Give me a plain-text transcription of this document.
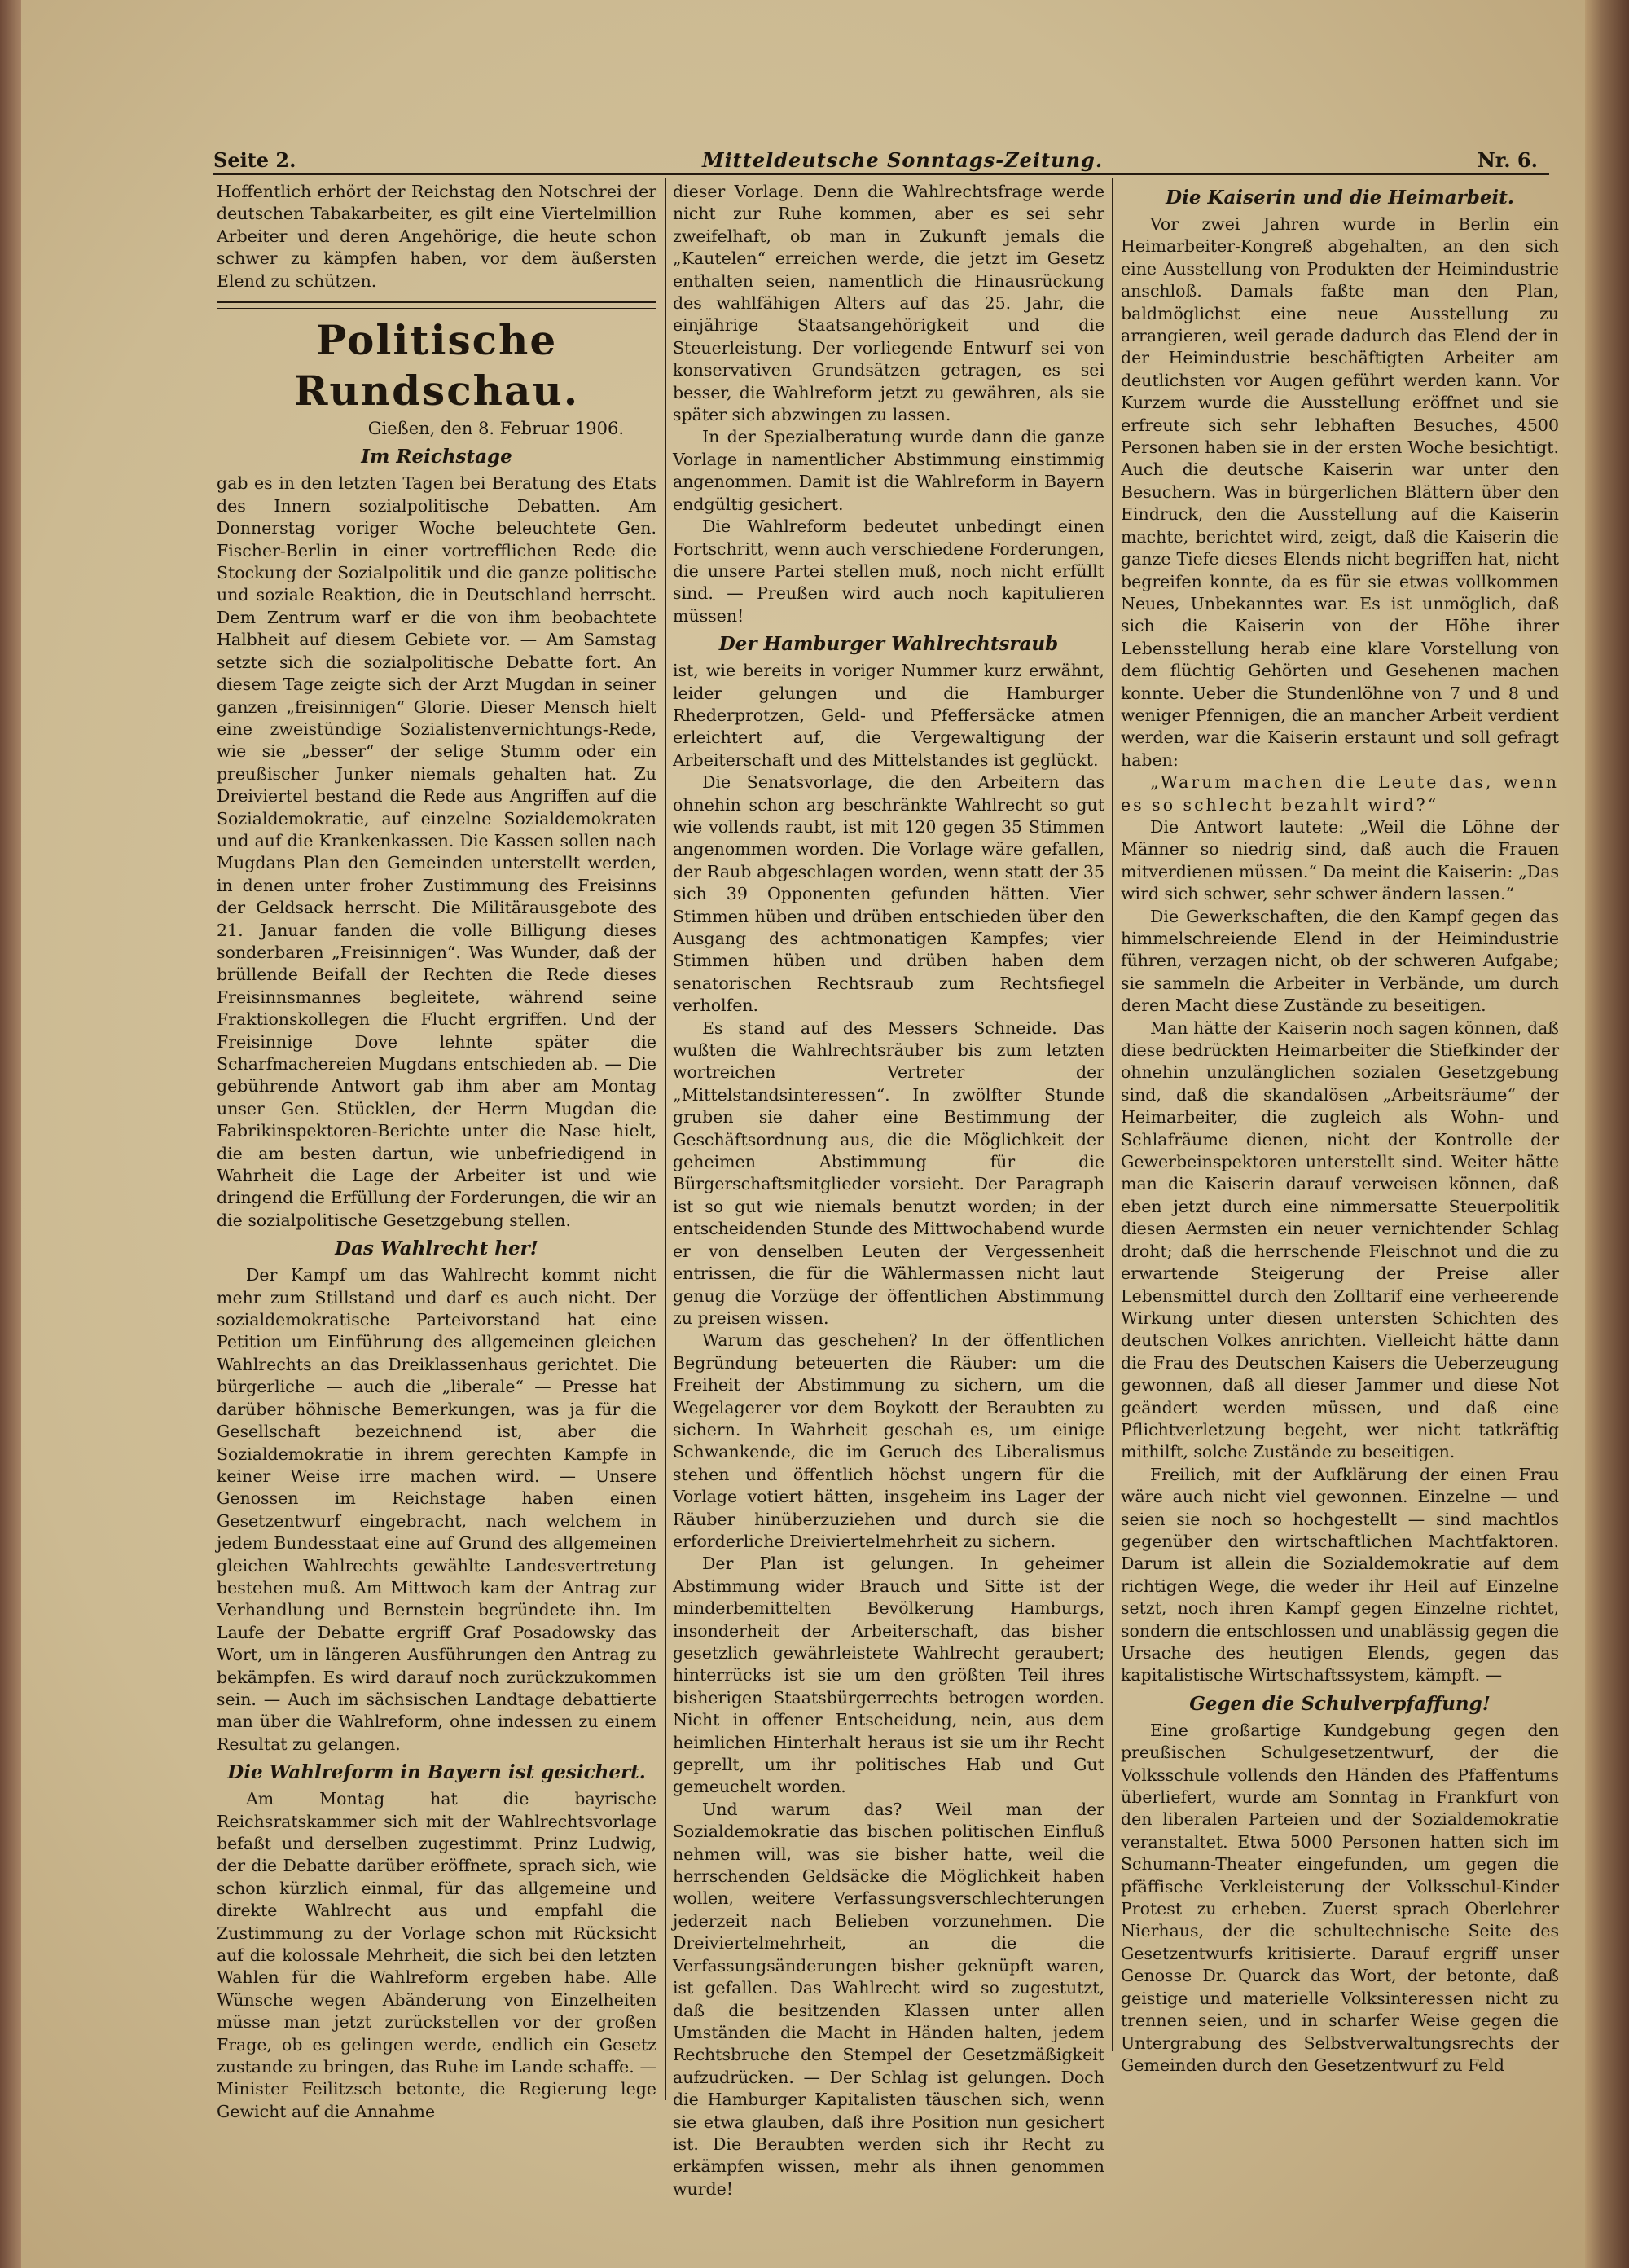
Seite 2.	Mitteldeutsche Sonntags-Zeitung.	Nr. 6.

Hoffentlich erhört der Reichstag den Notschrei der deutschen Tabakarbeiter, es gilt eine Viertelmillion Arbeiter und deren Angehörige, die heute schon schwer zu kämpfen haben, vor dem äußersten Elend zu schützen.

Politische Rundschau.
Gießen, den 8. Februar 1906.
Im Reichstage

gab es in den letzten Tagen bei Beratung des Etats des Innern sozialpolitische Debatten. Am Donnerstag voriger Woche beleuchtete Gen. Fischer-Berlin in einer vortrefflichen Rede die Stockung der Sozialpolitik und die ganze politische und soziale Reaktion, die in Deutschland herrscht. Dem Zentrum warf er die von ihm beobachtete Halbheit auf diesem Gebiete vor. — Am Samstag setzte sich die sozialpolitische Debatte fort. An diesem Tage zeigte sich der Arzt Mugdan in seiner ganzen „freisinnigen“ Glorie. Dieser Mensch hielt eine zweistündige Sozialistenvernichtungs-Rede, wie sie „besser“ der selige Stumm oder ein preußischer Junker niemals gehalten hat. Zu Dreiviertel bestand die Rede aus Angriffen auf die Sozialdemokratie, auf einzelne Sozialdemokraten und auf die Krankenkassen. Die Kassen sollen nach Mugdans Plan den Gemeinden unterstellt werden, in denen unter froher Zustimmung des Freisinns der Geldsack herrscht. Die Militärausgebote des 21. Januar fanden die volle Billigung dieses sonderbaren „Freisinnigen“. Was Wunder, daß der brüllende Beifall der Rechten die Rede dieses Freisinnsmannes begleitete, während seine Fraktionskollegen die Flucht ergriffen. Und der Freisinnige Dove lehnte später die Scharfmachereien Mugdans entschieden ab. — Die gebührende Antwort gab ihm aber am Montag unser Gen. Stücklen, der Herrn Mugdan die Fabrikinspektoren-Berichte unter die Nase hielt, die am besten dartun, wie unbefriedigend in Wahrheit die Lage der Arbeiter ist und wie dringend die Erfüllung der Forderungen, die wir an die sozialpolitische Gesetzgebung stellen.

Das Wahlrecht her!

Der Kampf um das Wahlrecht kommt nicht mehr zum Stillstand und darf es auch nicht. Der sozialdemokratische Parteivorstand hat eine Petition um Einführung des allgemeinen gleichen Wahlrechts an das Dreiklassenhaus gerichtet. Die bürgerliche — auch die „liberale“ — Presse hat darüber höhnische Bemerkungen, was ja für die Gesellschaft bezeichnend ist, aber die Sozialdemokratie in ihrem gerechten Kampfe in keiner Weise irre machen wird. — Unsere Genossen im Reichstage haben einen Gesetzentwurf eingebracht, nach welchem in jedem Bundesstaat eine auf Grund des allgemeinen gleichen Wahlrechts gewählte Landesvertretung bestehen muß. Am Mittwoch kam der Antrag zur Verhandlung und Bernstein begründete ihn. Im Laufe der Debatte ergriff Graf Posadowsky das Wort, um in längeren Ausführungen den Antrag zu bekämpfen. Es wird darauf noch zurückzukommen sein. — Auch im sächsischen Landtage debattierte man über die Wahlreform, ohne indessen zu einem Resultat zu gelangen.

Die Wahlreform in Bayern ist gesichert.

Am Montag hat die bayrische Reichsratskammer sich mit der Wahlrechtsvorlage befaßt und derselben zugestimmt. Prinz Ludwig, der die Debatte darüber eröffnete, sprach sich, wie schon kürzlich einmal, für das allgemeine und direkte Wahlrecht aus und empfahl die Zustimmung zu der Vorlage schon mit Rücksicht auf die kolossale Mehrheit, die sich bei den letzten Wahlen für die Wahlreform ergeben habe. Alle Wünsche wegen Abänderung von Einzelheiten müsse man jetzt zurückstellen vor der großen Frage, ob es gelingen werde, endlich ein Gesetz zustande zu bringen, das Ruhe im Lande schaffe. — Minister Feilitzsch betonte, die Regierung lege Gewicht auf die Annahme

dieser Vorlage. Denn die Wahlrechtsfrage werde nicht zur Ruhe kommen, aber es sei sehr zweifelhaft, ob man in Zukunft jemals die „Kautelen“ erreichen werde, die jetzt im Gesetz enthalten seien, namentlich die Hinausrückung des wahlfähigen Alters auf das 25. Jahr, die einjährige Staatsangehörigkeit und die Steuerleistung. Der vorliegende Entwurf sei von konservativen Grundsätzen getragen, es sei besser, die Wahlreform jetzt zu gewähren, als sie später sich abzwingen zu lassen.

In der Spezialberatung wurde dann die ganze Vorlage in namentlicher Abstimmung einstimmig angenommen. Damit ist die Wahlreform in Bayern endgültig gesichert.

Die Wahlreform bedeutet unbedingt einen Fortschritt, wenn auch verschiedene Forderungen, die unsere Partei stellen muß, noch nicht erfüllt sind. — Preußen wird auch noch kapitulieren müssen!

Der Hamburger Wahlrechtsraub

ist, wie bereits in voriger Nummer kurz erwähnt, leider gelungen und die Hamburger Rhederprotzen, Geld- und Pfeffersäcke atmen erleichtert auf, die Vergewaltigung der Arbeiterschaft und des Mittelstandes ist geglückt.

Die Senatsvorlage, die den Arbeitern das ohnehin schon arg beschränkte Wahlrecht so gut wie vollends raubt, ist mit 120 gegen 35 Stimmen angenommen worden. Die Vorlage wäre gefallen, der Raub abgeschlagen worden, wenn statt der 35 sich 39 Opponenten gefunden hätten. Vier Stimmen hüben und drüben entschieden über den Ausgang des achtmonatigen Kampfes; vier Stimmen hüben und drüben haben dem senatorischen Rechtsraub zum Rechtsfiegel verholfen.

Es stand auf des Messers Schneide. Das wußten die Wahlrechtsräuber bis zum letzten wortreichen Vertreter der „Mittelstandsinteressen“. In zwölfter Stunde gruben sie daher eine Bestimmung der Geschäftsordnung aus, die die Möglichkeit der geheimen Abstimmung für die Bürgerschaftsmitglieder vorsieht. Der Paragraph ist so gut wie niemals benutzt worden; in der entscheidenden Stunde des Mittwochabend wurde er von denselben Leuten der Vergessenheit entrissen, die für die Wählermassen nicht laut genug die Vorzüge der öffentlichen Abstimmung zu preisen wissen.

Warum das geschehen? In der öffentlichen Begründung beteuerten die Räuber: um die Freiheit der Abstimmung zu sichern, um die Wegelagerer vor dem Boykott der Beraubten zu sichern. In Wahrheit geschah es, um einige Schwankende, die im Geruch des Liberalismus stehen und öffentlich höchst ungern für die Vorlage votiert hätten, insgeheim ins Lager der Räuber hinüberzuziehen und durch sie die erforderliche Dreiviertelmehrheit zu sichern.

Der Plan ist gelungen. In geheimer Abstimmung wider Brauch und Sitte ist der minderbemittelten Bevölkerung Hamburgs, insonderheit der Arbeiterschaft, das bisher gesetzlich gewährleistete Wahlrecht geraubert; hinterrücks ist sie um den größten Teil ihres bisherigen Staatsbürgerrechts betrogen worden. Nicht in offener Entscheidung, nein, aus dem heimlichen Hinterhalt heraus ist sie um ihr Recht geprellt, um ihr politisches Hab und Gut gemeuchelt worden.

Und warum das? Weil man der Sozialdemokratie das bischen politischen Einfluß nehmen will, was sie bisher hatte, weil die herrschenden Geldsäcke die Möglichkeit haben wollen, weitere Verfassungsverschlechterungen jederzeit nach Belieben vorzunehmen. Die Dreiviertelmehrheit, an die die Verfassungsänderungen bisher geknüpft waren, ist gefallen. Das Wahlrecht wird so zugestutzt, daß die besitzenden Klassen unter allen Umständen die Macht in Händen halten, jedem Rechtsbruche den Stempel der Gesetzmäßigkeit aufzudrücken. — Der Schlag ist gelungen. Doch die Hamburger Kapitalisten täuschen sich, wenn sie etwa glauben, daß ihre Position nun gesichert ist. Die Beraubten werden sich ihr Recht zu erkämpfen wissen, mehr als ihnen genommen wurde!

Die Kaiserin und die Heimarbeit.

Vor zwei Jahren wurde in Berlin ein Heimarbeiter-Kongreß abgehalten, an den sich eine Ausstellung von Produkten der Heimindustrie anschloß. Damals faßte man den Plan, baldmöglichst eine neue Ausstellung zu arrangieren, weil gerade dadurch das Elend der in der Heimindustrie beschäftigten Arbeiter am deutlichsten vor Augen geführt werden kann. Vor Kurzem wurde die Ausstellung eröffnet und sie erfreute sich sehr lebhaften Besuches, 4500 Personen haben sie in der ersten Woche besichtigt. Auch die deutsche Kaiserin war unter den Besuchern. Was in bürgerlichen Blättern über den Eindruck, den die Ausstellung auf die Kaiserin machte, berichtet wird, zeigt, daß die Kaiserin die ganze Tiefe dieses Elends nicht begriffen hat, nicht begreifen konnte, da es für sie etwas vollkommen Neues, Unbekanntes war. Es ist unmöglich, daß sich die Kaiserin von der Höhe ihrer Lebensstellung herab eine klare Vorstellung von dem flüchtig Gehörten und Gesehenen machen konnte. Ueber die Stundenlöhne von 7 und 8 und weniger Pfennigen, die an mancher Arbeit verdient werden, war die Kaiserin erstaunt und soll gefragt haben:

„Warum machen die Leute das, wenn es so schlecht bezahlt wird?“

Die Antwort lautete: „Weil die Löhne der Männer so niedrig sind, daß auch die Frauen mitverdienen müssen.“ Da meint die Kaiserin: „Das wird sich schwer, sehr schwer ändern lassen.“

Die Gewerkschaften, die den Kampf gegen das himmelschreiende Elend in der Heimindustrie führen, verzagen nicht, ob der schweren Aufgabe; sie sammeln die Arbeiter in Verbände, um durch deren Macht diese Zustände zu beseitigen.

Man hätte der Kaiserin noch sagen können, daß diese bedrückten Heimarbeiter die Stiefkinder der ohnehin unzulänglichen sozialen Gesetzgebung sind, daß die skandalösen „Arbeitsräume“ der Heimarbeiter, die zugleich als Wohn- und Schlafräume dienen, nicht der Kontrolle der Gewerbeinspektoren unterstellt sind. Weiter hätte man die Kaiserin darauf verweisen können, daß eben jetzt durch eine nimmersatte Steuerpolitik diesen Aermsten ein neuer vernichtender Schlag droht; daß die herrschende Fleischnot und die zu erwartende Steigerung der Preise aller Lebensmittel durch den Zolltarif eine verheerende Wirkung unter diesen untersten Schichten des deutschen Volkes anrichten. Vielleicht hätte dann die Frau des Deutschen Kaisers die Ueberzeugung gewonnen, daß all dieser Jammer und diese Not geändert werden müssen, und daß eine Pflichtverletzung begeht, wer nicht tatkräftig mithilft, solche Zustände zu beseitigen.

Freilich, mit der Aufklärung der einen Frau wäre auch nicht viel gewonnen. Einzelne — und seien sie noch so hochgestellt — sind machtlos gegenüber den wirtschaftlichen Machtfaktoren. Darum ist allein die Sozialdemokratie auf dem richtigen Wege, die weder ihr Heil auf Einzelne setzt, noch ihren Kampf gegen Einzelne richtet, sondern die entschlossen und unablässig gegen die Ursache des heutigen Elends, gegen das kapitalistische Wirtschaftssystem, kämpft. —

Gegen die Schulverpfaffung!

Eine großartige Kundgebung gegen den preußischen Schulgesetzentwurf, der die Volksschule vollends den Händen des Pfaffentums überliefert, wurde am Sonntag in Frankfurt von den liberalen Parteien und der Sozialdemokratie veranstaltet. Etwa 5000 Personen hatten sich im Schumann-Theater eingefunden, um gegen die pfäffische Verkleisterung der Volksschul-Kinder Protest zu erheben. Zuerst sprach Oberlehrer Nierhaus, der die schultechnische Seite des Gesetzentwurfs kritisierte. Darauf ergriff unser Genosse Dr. Quarck das Wort, der betonte, daß geistige und materielle Volksinteressen nicht zu trennen seien, und in scharfer Weise gegen die Untergrabung des Selbstverwaltungsrechts der Gemeinden durch den Gesetzentwurf zu Feld
